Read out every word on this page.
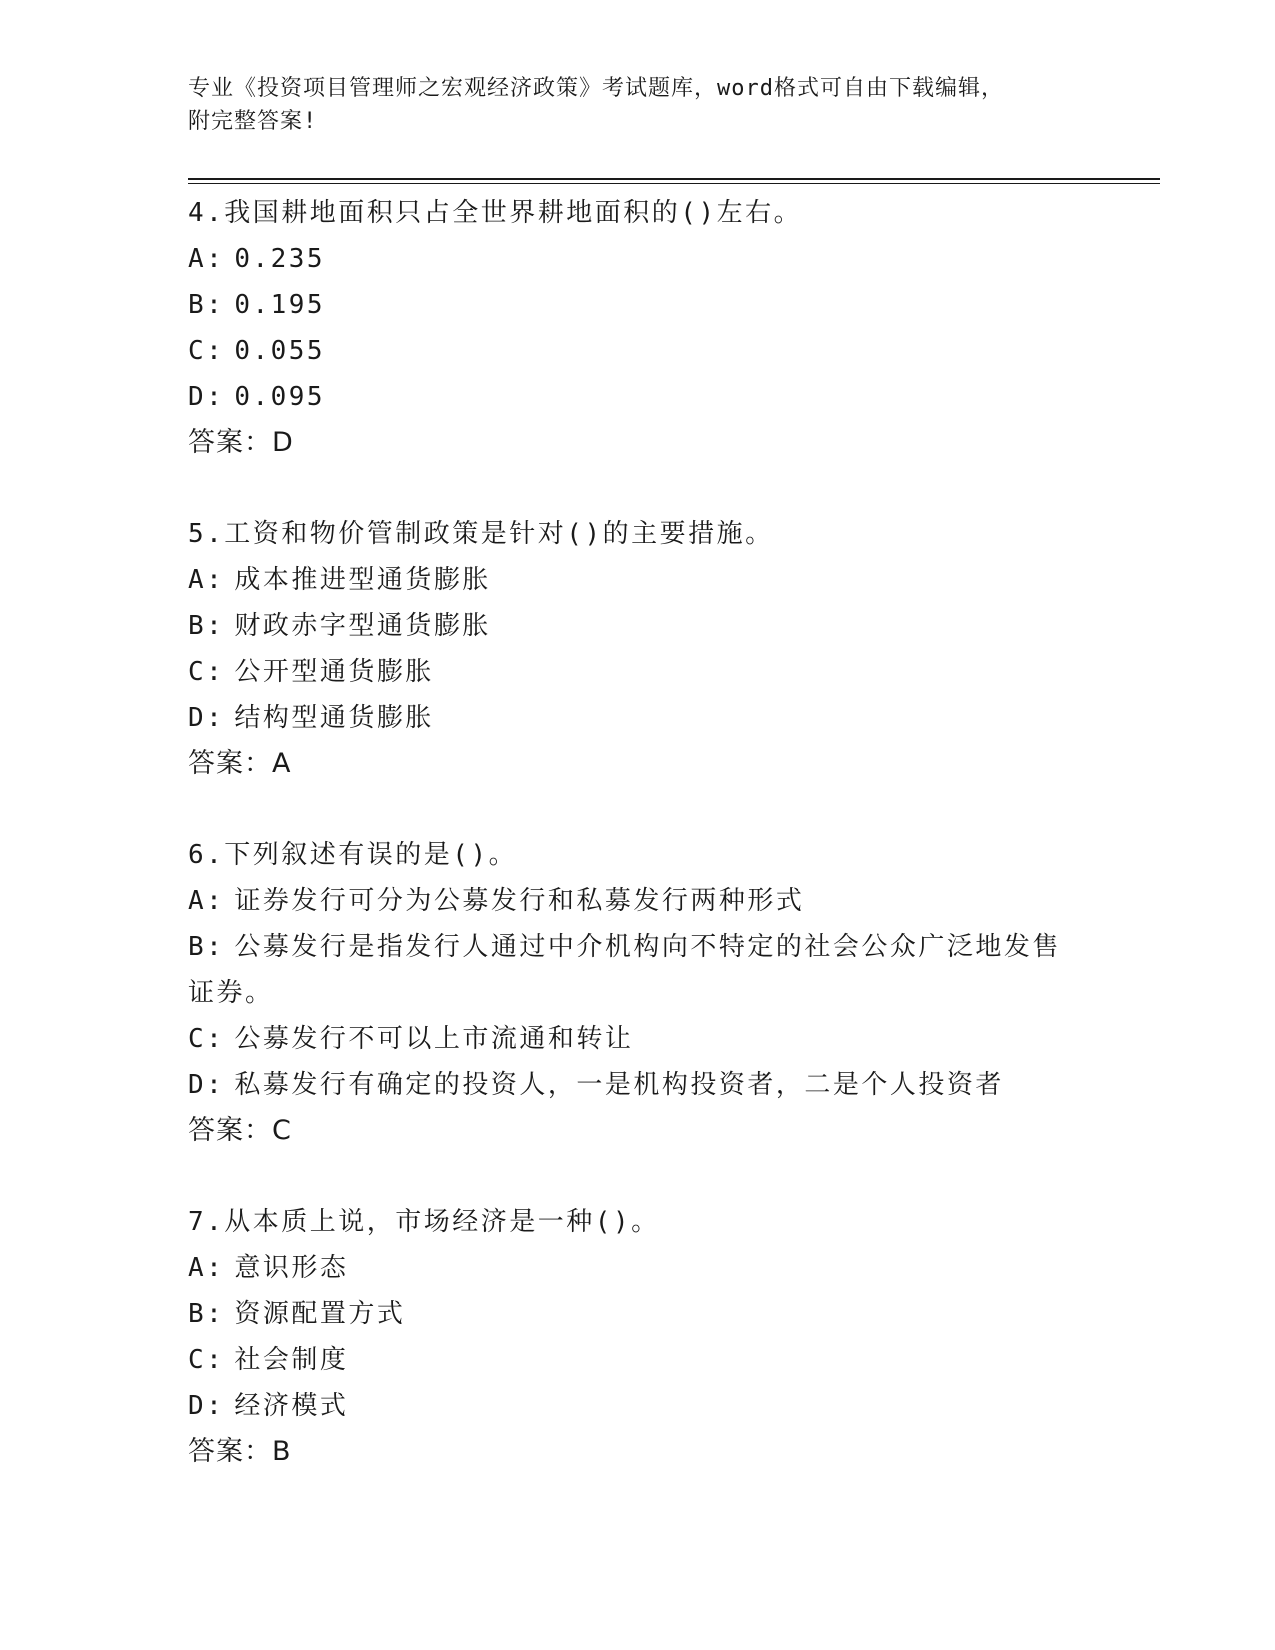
专业《投资项目管理师之宏观经济政策》考试题库，word格式可自由下载编辑，
附完整答案!
4.我国耕地面积只占全世界耕地面积的()左右。
A: 0.235
B: 0.195
C: 0.055
D: 0.095
答案：D
5.工资和物价管制政策是针对()的主要措施。
A: 成本推进型通货膨胀
B: 财政赤字型通货膨胀
C: 公开型通货膨胀
D: 结构型通货膨胀
答案：A
6.下列叙述有误的是()。
A: 证券发行可分为公募发行和私募发行两种形式
B: 公募发行是指发行人通过中介机构向不特定的社会公众广泛地发售证券。
C: 公募发行不可以上市流通和转让
D: 私募发行有确定的投资人，一是机构投资者，二是个人投资者
答案：C
7.从本质上说，市场经济是一种()。
A: 意识形态
B: 资源配置方式
C: 社会制度
D: 经济模式
答案：B
